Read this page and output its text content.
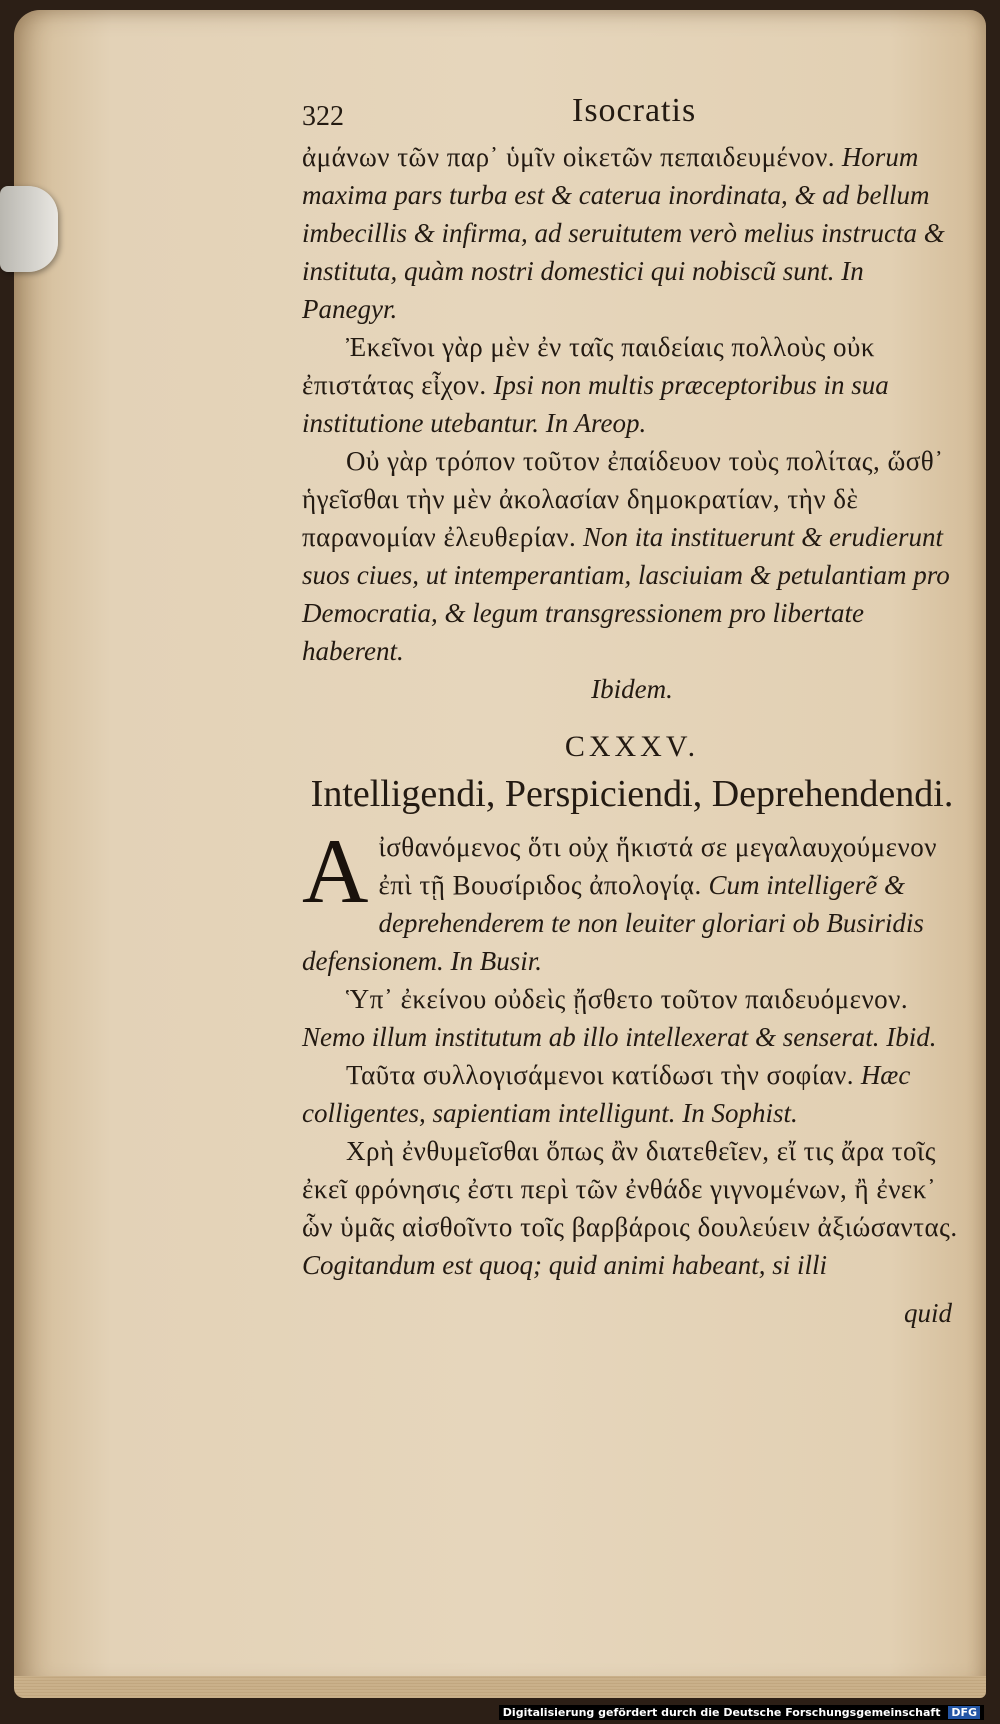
322	Isocratis

ἀμάνων τῶν παρ᾽ ὑμῖν οἰκετῶν πεπαιδευμένον. Horum maxima pars turba est & caterua inordinata, & ad bellum imbecillis & infirma, ad seruitutem verò melius instructa & instituta, quàm nostri domestici qui nobiscũ sunt. In Panegyr.

Ἐκεῖνοι γὰρ μὲν ἐν ταῖς παιδείαις πολλοὺς οὐκ ἐπιστάτας εἶχον. Ipsi non multis præceptoribus in sua institutione utebantur. In Areop.

Οὐ γὰρ τρόπον τοῦτον ἐπαίδευον τοὺς πολίτας, ὥσθ᾽ ἡγεῖσθαι τὴν μὲν ἀκολασίαν δημοκρατίαν, τὴν δὲ παρανομίαν ἐλευθερίαν. Non ita instituerunt & erudierunt suos ciues, ut intemperantiam, lasciuiam & petulantiam pro Democratia, & legum transgressionem pro libertate haberent.

Ibidem.

CXXXV.
Intelligendi, Perspiciendi, Deprehendendi.

A ἰσθανόμενος ὅτι οὐχ ἥκιστά σε μεγαλαυχούμενον ἐπὶ τῇ Βουσίριδος ἀπολογίᾳ. Cum intelligerẽ & deprehenderem te non leuiter gloriari ob Busiridis defensionem. In Busir.

Ὑπ᾽ ἐκείνου οὐδεὶς ᾔσθετο τοῦτον παιδευόμενον. Nemo illum institutum ab illo intellexerat & senserat. Ibid.

Ταῦτα συλλογισάμενοι κατίδωσι τὴν σοφίαν. Hæc colligentes, sapientiam intelligunt. In Sophist.

Χρὴ ἐνθυμεῖσθαι ὅπως ἂν διατεθεῖεν, εἴ τις ἄρα τοῖς ἐκεῖ φρόνησις ἐστι περὶ τῶν ἐνθάδε γιγνομένων, ἢ ἐνεκ᾽ ὧν ὑμᾶς αἰσθοῖντο τοῖς βαρβάροις δουλεύειν ἀξιώσαντας. Cogitandum est quoq; quid animi habeant, si illi

quid
Digitalisierung gefördert durch die Deutsche Forschungsgemeinschaft DFG
